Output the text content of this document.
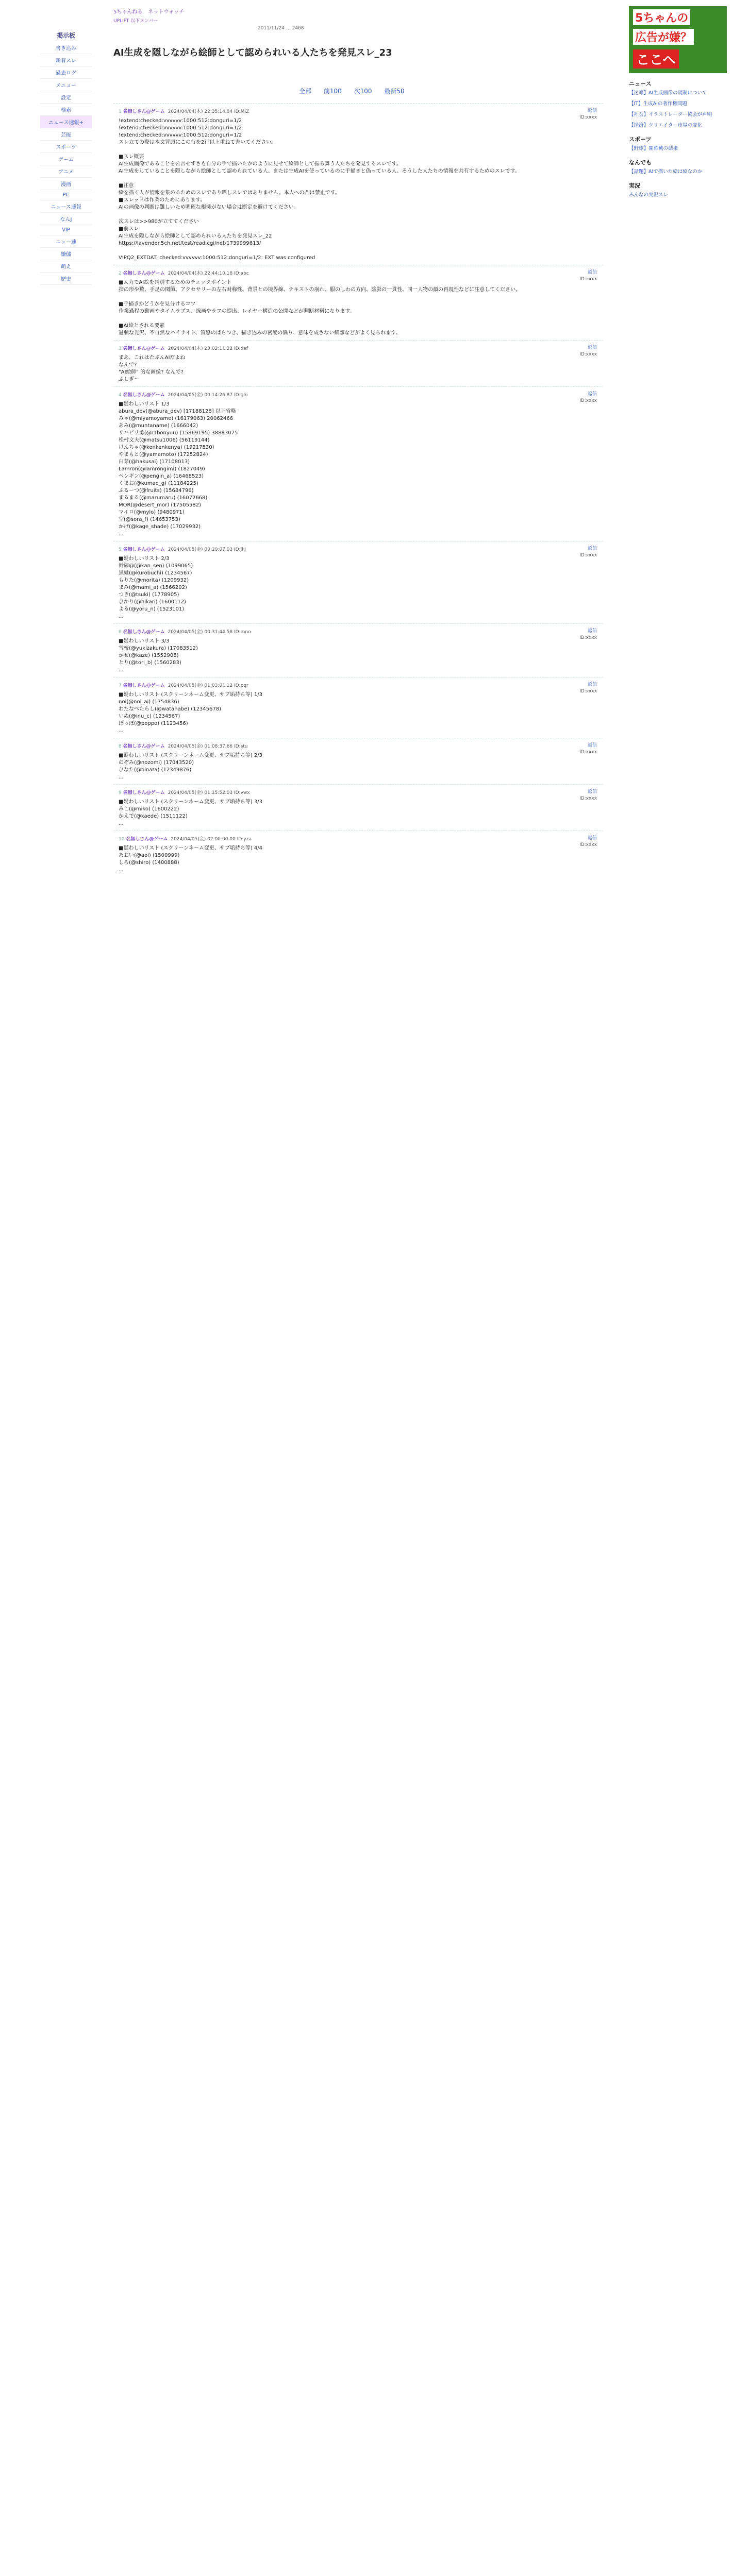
掲示板
書き込み
新着スレ
過去ログ
メニュー
設定
検索
ニュース速報+
芸能
スポーツ
ゲーム
アニメ
漫画
PC
ニュース速報
なんJ
VIP
ニュー速
嫌儲
萌え
歴史
5ちゃんねる ネットウォッチ
UPLIFT 以下メンバー
2011/11/24 … 2468
AI生成を隠しながら絵師として認められいる人たちを発見スレ_23
全部 前100 次100 最新50
1 名無しさん@ゲーム 2024/04/04(木) 22:35:14.84 ID:MIZ	返信
ID:xxxx
!extend:checked:vvvvvv:1000:512:donguri=1/2
!extend:checked:vvvvvv:1000:512:donguri=1/2
!extend:checked:vvvvvv:1000:512:donguri=1/2
スレ立ての際は本文冒頭にこの行を2行以上重ねて書いてください。

■スレ概要
AI生成画像であることを公言せずさも自分の手で描いたかのように見せて絵師として振る舞う人たちを発見するスレです。
AI生成をしていることを隠しながら絵師として認められている人、または生成AIを使っているのに手描きと偽っている人、そうした人たちの情報を共有するためのスレです。

■注意
絵を描く人が情報を集めるためのスレであり晒しスレではありません。本人への凸は禁止です。
■スレッドは作業のためにあります。
AIの画像の判断は難しいため明確な根拠がない場合は断定を避けてください。

次スレは>>980が立ててください
■前スレ
AI生成を隠しながら絵師として認められいる人たちを発見スレ_22
https://lavender.5ch.net/test/read.cgi/net/1739999613/

VIPQ2_EXTDAT: checked:vvvvvv:1000:512:donguri=1/2: EXT was configured
2 名無しさん@ゲーム 2024/04/04(木) 22:44:10.18 ID:abc	返信
ID:xxxx
■人力でAI絵を判別するためのチェックポイント
指の形や数、手足の関節、アクセサリーの左右対称性、背景との境界線、テキストの崩れ、服のしわの方向、陰影の一貫性、同一人物の顔の再現性などに注意してください。

■手描きかどうかを見分けるコツ
作業過程の動画やタイムラプス、線画やラフの提出、レイヤー構造の公開などが判断材料になります。

■AI絵とされる要素
過剰な光沢、不自然なハイライト、質感のばらつき、描き込みの密度の偏り、意味を成さない細部などがよく見られます。
3 名無しさん@ゲーム 2024/04/04(木) 23:02:11.22 ID:def	返信
ID:xxxx
まあ、これはたぶんAIだよね
なんで?
"AI絵師" 的な画像? なんで?
ふしぎ〜
4 名無しさん@ゲーム 2024/04/05(金) 00:14:26.87 ID:ghi	返信
ID:xxxx
■疑わしいリスト 1/3
abura_dev(@abura_dev) [17188128] 以下省略
みゃ(@miyamoyame) (16179063) 20062466
あみ(@muntaname) (1666042)
リハビリ勇(@r1bonyuu) (15869195) 38883075
松村文夫(@matsu1006) (56119144)
けんちゃ(@kenkenkenya) (19217530)
やまもと(@yamamoto) (17252824)
白菜(@hakusai) (17108013)
Lamron(@lamrongimi) (1827049)
ペンギン(@pengin_a) (16468523)
くまお(@kumao_g) (11184225)
ふるーつ(@fruits) (15684796)
まるまる(@marumaru) (16072668)
MOR(@desert_mor) (17505582)
マイロ(@mylo) (9480971)
空(@sora_f) (14653753)
かげ(@kage_shade) (17029932)
...
5 名無しさん@ゲーム 2024/04/05(金) 00:20:07.03 ID:jkl	返信
ID:xxxx
■疑わしいリスト 2/3
幹線@(@kan_sen) (1099065)
黒縁(@kurobuchi) (1234567)
もりた(@morita) (1209932)
まみ(@mami_a) (1566202)
つき(@tsuki) (1778905)
ひかり(@hikari) (1600112)
よる(@yoru_n) (1523101)
...
6 名無しさん@ゲーム 2024/04/05(金) 00:31:44.58 ID:mno	返信
ID:xxxx
■疑わしいリスト 3/3
雪桜(@yukizakura) (17083512)
かぜ(@kaze) (1552908)
とり(@tori_b) (1560283)
...
7 名無しさん@ゲーム 2024/04/05(金) 01:03:01.12 ID:pqr	返信
ID:xxxx
■疑わしいリスト (スクリーンネーム変更、サブ垢持ち等) 1/3
noi(@noi_ai) (1754836)
わたなべたらし(@watanabe) (12345678)
いぬ(@inu_c) (1234567)
ぽっぽ(@poppo) (1123456)
...
8 名無しさん@ゲーム 2024/04/05(金) 01:08:37.66 ID:stu	返信
ID:xxxx
■疑わしいリスト (スクリーンネーム変更、サブ垢持ち等) 2/3
のぞみ(@nozomi) (17043520)
ひなた(@hinata) (12349876)
...
9 名無しさん@ゲーム 2024/04/05(金) 01:15:52.03 ID:vwx	返信
ID:xxxx
■疑わしいリスト (スクリーンネーム変更、サブ垢持ち等) 3/3
みこ(@miko) (1600222)
かえで(@kaede) (1511122)
...
10 名無しさん@ゲーム 2024/04/05(金) 02:00:00.00 ID:yza	返信
ID:xxxx
■疑わしいリスト (スクリーンネーム変更、サブ垢持ち等) 4/4
あおい(@aoi) (1500999)
しろ(@shiro) (1400888)
...
5ちゃんの
広告が嫌？
ここへ
ニュース
【速報】AI生成画像の規制について
【IT】生成AIの著作権問題
【社会】イラストレーター協会が声明
【経済】クリエイター市場の変化
スポーツ
【野球】開幕戦の結果
なんでも
【話題】AIで描いた絵は絵なのか
実況
みんなの実況スレ
